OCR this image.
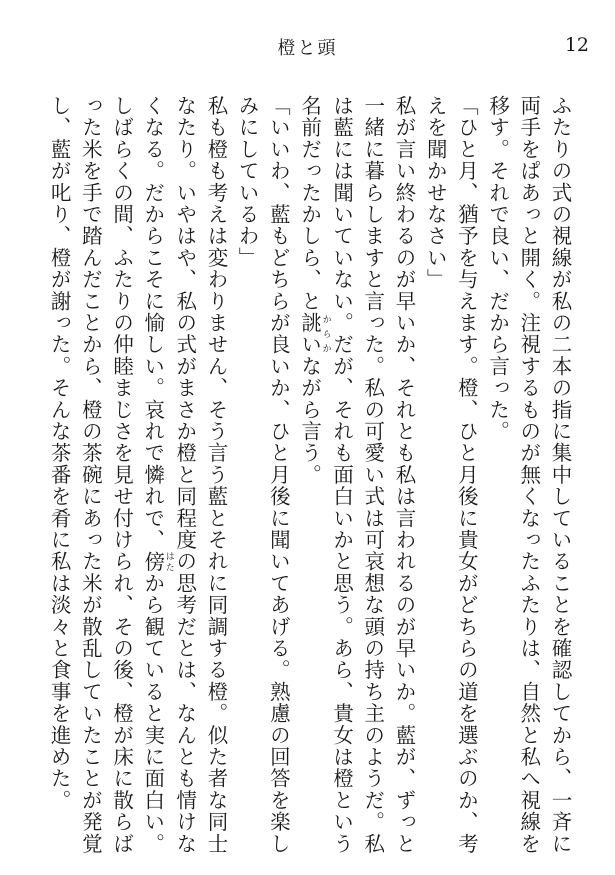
橙と頭	12

ふたりの式の視線が私の二本の指に集中していることを確認してから、一斉に両手をぱあっと開く。注視するものが無くなったふたりは、自然と私へ視線を移す。それで良い、だから言った。

「ひと月、猶予を与えます。橙、ひと月後に貴女がどちらの道を選ぶのか、考えを聞かせなさい」

私が言い終わるのが早いか、それとも私は言われるのが早いか。藍が、ずっと一緒に暮らしますと言った。私の可愛い式は可哀想な頭の持ち主のようだ。私は藍には聞いていない。だが、それも面白いかと思う。あら、貴女は橙という名前だったかしら、と誂い からかながら言う。

「いいわ、藍もどちらが良いか、ひと月後に聞いてあげる。熟慮の回答を楽しみにしているわ」

私も橙も考えは変わりません、そう言う藍とそれに同調する橙。似た者な同士なたり。いやはや、私の式がまさか橙と同程度の思考だとは、なんとも情けなくなる。だからこそに愉しい。哀れで憐れで、傍 はたから観ていると実に面白い。

しばらくの間、ふたりの仲睦まじさを見せ付けられ、その後、橙が床に散らばった米を手で踏んだことから、橙の茶碗にあった米が散乱していたことが発覚し、藍が叱り、橙が謝った。そんな茶番を肴に私は淡々と食事を進めた。
